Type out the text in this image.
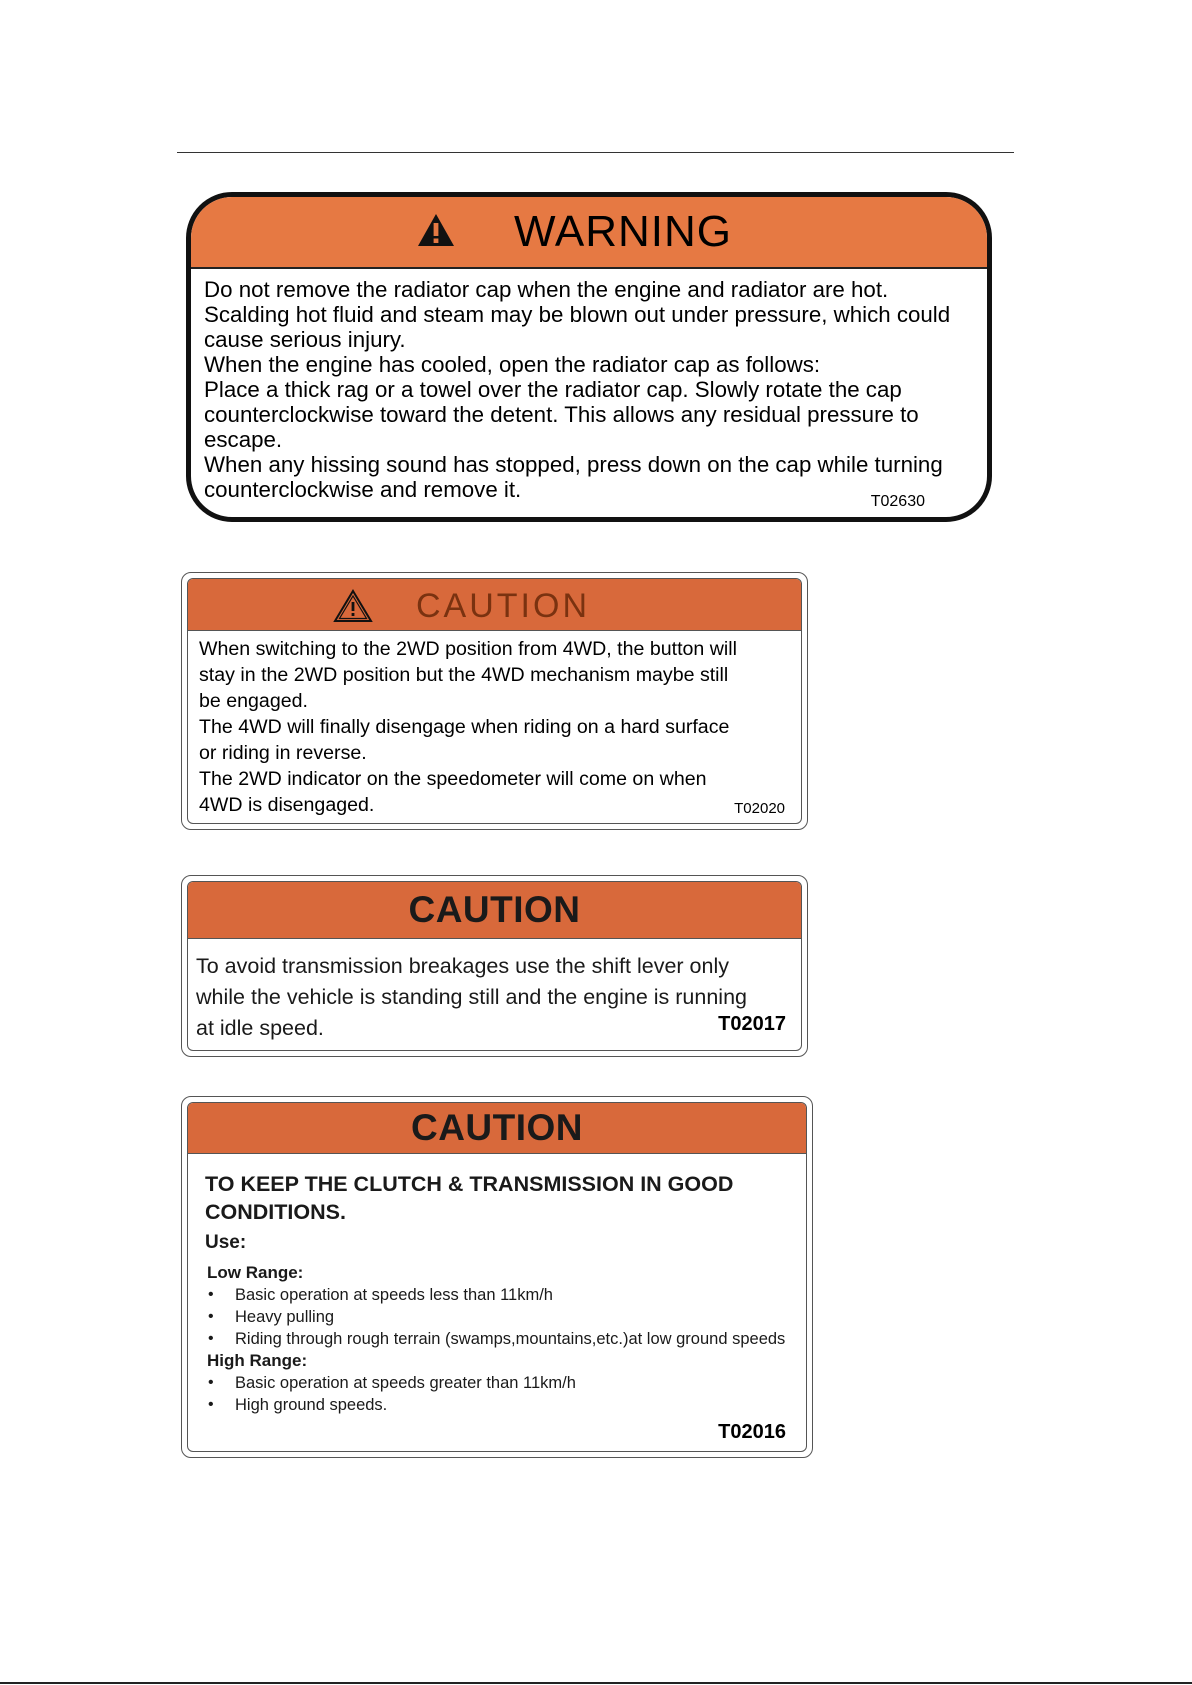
WARNING

Do not remove the radiator cap when the engine and radiator are hot.

Scalding hot fluid and steam may be blown out under pressure, which could

cause serious injury.

When the engine has cooled, open the radiator cap as follows:

Place a thick rag or a towel over the radiator cap. Slowly rotate the cap

counterclockwise toward the detent. This allows any residual pressure to

escape.

When any hissing sound has stopped, press down on the cap while turning

counterclockwise and remove it.	T02630
CAUTION

When switching to the 2WD position from 4WD, the button will

stay in the 2WD position but the 4WD mechanism maybe still

be engaged.

The 4WD will finally disengage when riding on a hard surface

or riding in reverse.

The 2WD indicator on the speedometer will come on when

4WD is disengaged.	T02020
CAUTION

To avoid transmission breakages use the shift lever only

while the vehicle is standing still and the engine is running

at idle speed.	T02017
CAUTION

TO KEEP THE CLUTCH & TRANSMISSION IN GOOD

CONDITIONS.

Use:

Low Range:

• Basic operation at speeds less than 11km/h
• Heavy pulling
• Riding through rough terrain (swamps,mountains,etc.)at low ground speeds

High Range:

• Basic operation at speeds greater than 11km/h
• High ground speeds.
T02016
